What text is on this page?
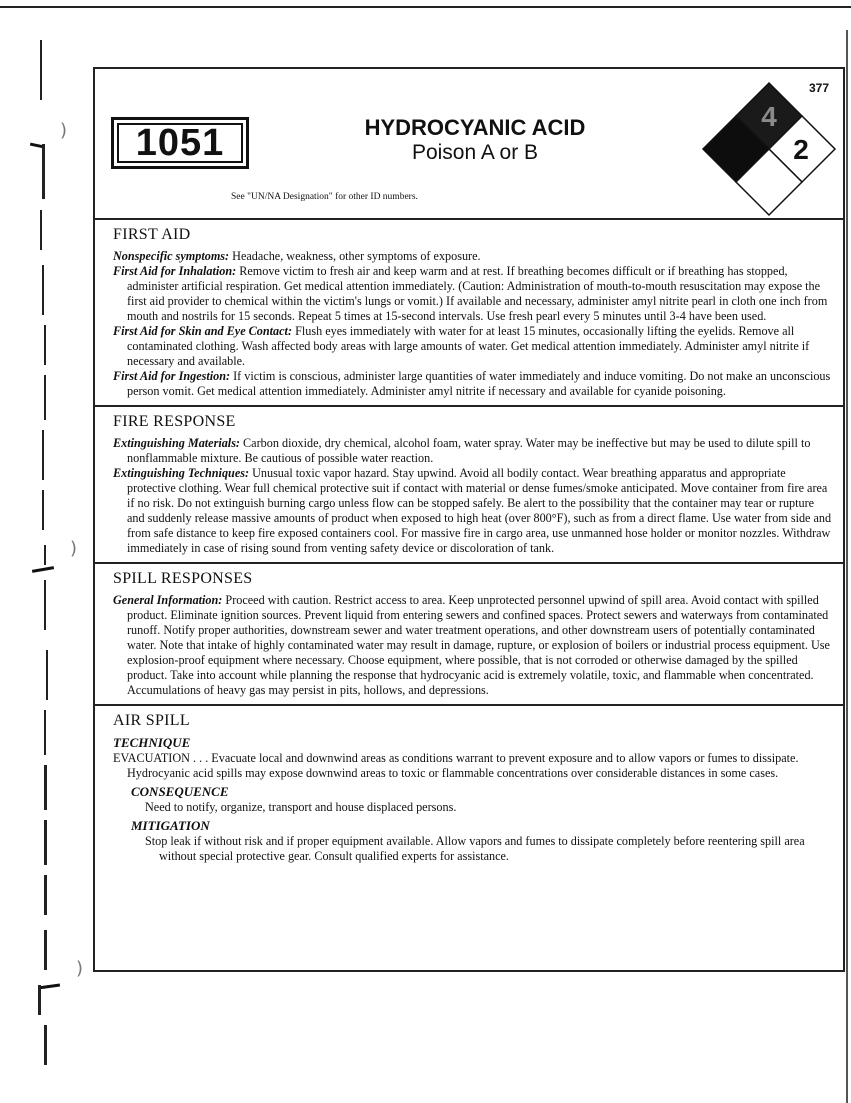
)
)
)
377
1051	HYDROCYANIC ACID
Poison A or B
See "UN/NA Designation" for other ID numbers.
4
2
FIRST AID

Nonspecific symptoms: Headache, weakness, other symptoms of exposure.

First Aid for Inhalation: Remove victim to fresh air and keep warm and at rest. If breathing becomes difficult or if breathing has stopped, administer artificial respiration. Get medical attention immediately. (Caution: Administration of mouth-to-mouth resuscitation may expose the first aid provider to chemical within the victim's lungs or vomit.) If available and necessary, administer amyl nitrite pearl in cloth one inch from mouth and nostrils for 15 seconds. Repeat 5 times at 15-second intervals. Use fresh pearl every 5 minutes until 3-4 have been used.

First Aid for Skin and Eye Contact: Flush eyes immediately with water for at least 15 minutes, occasionally lifting the eyelids. Remove all contaminated clothing. Wash affected body areas with large amounts of water. Get medical attention immediately. Administer amyl nitrite if necessary and available.

First Aid for Ingestion: If victim is conscious, administer large quantities of water immediately and induce vomiting. Do not make an unconscious person vomit. Get medical attention immediately. Administer amyl nitrite if necessary and available for cyanide poisoning.

FIRE RESPONSE

Extinguishing Materials: Carbon dioxide, dry chemical, alcohol foam, water spray. Water may be ineffective but may be used to dilute spill to nonflammable mixture. Be cautious of possible water reaction.

Extinguishing Techniques: Unusual toxic vapor hazard. Stay upwind. Avoid all bodily contact. Wear breathing apparatus and appropriate protective clothing. Wear full chemical protective suit if contact with material or dense fumes/smoke anticipated. Move container from fire area if no risk. Do not extinguish burning cargo unless flow can be stopped safely. Be alert to the possibility that the container may tear or rupture and suddenly release massive amounts of product when exposed to high heat (over 800°F), such as from a direct flame. Use water from side and from safe distance to keep fire exposed containers cool. For massive fire in cargo area, use unmanned hose holder or monitor nozzles. Withdraw immediately in case of rising sound from venting safety device or discoloration of tank.

SPILL RESPONSES

General Information: Proceed with caution. Restrict access to area. Keep unprotected personnel upwind of spill area. Avoid contact with spilled product. Eliminate ignition sources. Prevent liquid from entering sewers and confined spaces. Protect sewers and waterways from contaminated runoff. Notify proper authorities, downstream sewer and water treatment operations, and other downstream users of potentially contaminated water. Note that intake of highly contaminated water may result in damage, rupture, or explosion of boilers or industrial process equipment. Use explosion-proof equipment where necessary. Choose equipment, where possible, that is not corroded or otherwise damaged by the spilled product. Take into account while planning the response that hydrocyanic acid is extremely volatile, toxic, and flammable when concentrated. Accumulations of heavy gas may persist in pits, hollows, and depressions.

AIR SPILL

TECHNIQUE

EVACUATION . . . Evacuate local and downwind areas as conditions warrant to prevent exposure and to allow vapors or fumes to dissipate. Hydrocyanic acid spills may expose downwind areas to toxic or flammable concentrations over considerable distances in some cases.

CONSEQUENCE

Need to notify, organize, transport and house displaced persons.

MITIGATION

Stop leak if without risk and if proper equipment available. Allow vapors and fumes to dissipate completely before reentering spill area without special protective gear. Consult qualified experts for assistance.
